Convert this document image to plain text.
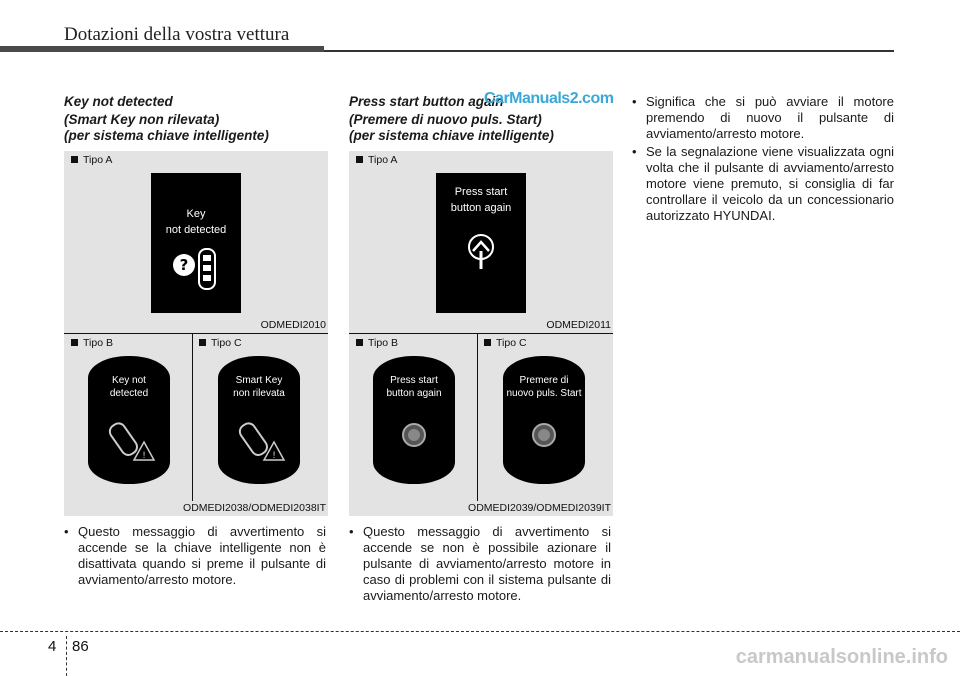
Dotazioni della vostra vettura
Key not detected
(Smart Key non rilevata)
(per sistema chiave intelligente)
Tipo A
Key
not detected
?
ODMEDI2010
Tipo B	Tipo C
Key not
detected
!
Smart Key
non rilevata
!
ODMEDI2038/ODMEDI2038IT
• Questo messaggio di avvertimento si accende se la chiave intelligente non è disattivata quando si preme il pulsante di avviamento/arresto motore.
Press start button again
(Premere di nuovo puls. Start)
(per sistema chiave intelligente)
Tipo A
Press start
button again
ODMEDI2011
Tipo B	Tipo C
Press start
button again
Premere di
nuovo puls. Start
ODMEDI2039/ODMEDI2039IT
• Questo messaggio di avvertimento si accende se non è possibile azionare il pulsante di avviamento/arresto motore in caso di problemi con il sistema pulsante di avviamento/arresto motore.
• Significa che si può avviare il motore premendo di nuovo il pulsante di avviamento/arresto motore.
• Se la segnalazione viene visualizzata ogni volta che il pulsante di avviamento/arresto motore viene premuto, si consiglia di far controllare il veicolo da un concessionario autorizzato HYUNDAI.
CarManuals2.com
4 86	carmanualsonline.info
